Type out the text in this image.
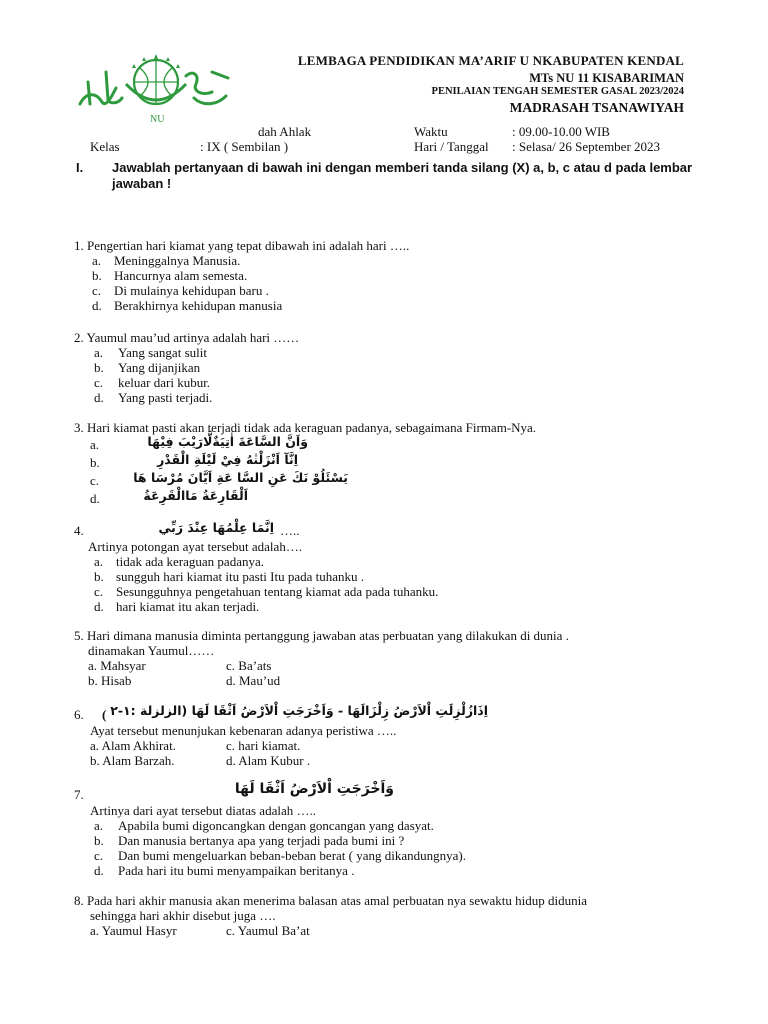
NU
LEMBAGA PENDIDIKAN MA’ARIF U NKABUPATEN KENDAL
MTs NU 11 KISABARIMAN
PENILAIAN TENGAH SEMESTER GASAL 2023/2024
MADRASAH TSANAWIYAH
dah Ahlak
Kelas	: IX ( Sembilan )
Waktu	: 09.00-10.00 WIB
Hari / Tanggal : Selasa/ 26 September 2023
I. Jawablah pertanyaan di bawah ini dengan memberi tanda silang (X) a, b, c atau d pada lembar jawaban !
1. Pengertian hari kiamat yang tepat dibawah ini adalah hari …..
a. Meninggalnya Manusia.
b. Hancurnya alam semesta.
c. Di mulainya kehidupan baru .
d. Berakhirnya kehidupan manusia
2. Yaumul mau’ud artinya adalah hari ……
a. Yang sangat sulit
b. Yang dijanjikan
c. keluar dari kubur.
d. Yang pasti terjadi.
3. Hari kiamat pasti akan terjadi tidak ada keraguan padanya, sebagaimana Firmam-Nya.
a.	وَاَنَّ السَّاعَةَ اٰتِيَةٌلَّارَيْبَ فِيْهَا
b.	اِنَّآ اَنْزَلْنٰهُ فِيْ لَيْلَةِ الْقَدْرِ
c.	يَسْئَلُوْ نَكَ عَنِ السَّا عَةِ اَيَّانَ مُرْسَا هَا
d.	اَلْقَارِعَةُ مَاالْقَرِعَةُ
4.	اِنَّمَا عِلْمُهَا عِنْدَ رَبِّي …..
Artinya potongan ayat tersebut adalah….
a. tidak ada keraguan padanya.
b. sungguh hari kiamat itu pasti Itu pada tuhanku .
c. Sesungguhnya pengetahuan tentang kiamat ada pada tuhanku.
d. hari kiamat itu akan terjadi.
5. Hari dimana manusia diminta pertanggung jawaban atas perbuatan yang dilakukan di dunia .
dinamakan Yaumul……
a. Mahsyar	c. Ba’ats
b. Hisab	d. Mau’ud
6. ( اِذَازُلْزِلَتِ اْلاَرْضُ زِلْزَالَهَا - وَاَخْرَجَتِ اْلاَرْضُ اَثْقَا لَهَا (الزلزلة :١-٢
Ayat tersebut menunjukan kebenaran adanya peristiwa …..
a. Alam Akhirat.	c. hari kiamat.
b. Alam Barzah.	d. Alam Kubur .
7.	وَاَخْرَجَتِ اْلاَرْضُ اَثْقَا لَهَا
Artinya dari ayat tersebut diatas adalah …..
a. Apabila bumi digoncangkan dengan goncangan yang dasyat.
b. Dan manusia bertanya apa yang terjadi pada bumi ini ?
c. Dan bumi mengeluarkan beban-beban berat ( yang dikandungnya).
d. Pada hari itu bumi menyampaikan beritanya .
8. Pada hari akhir manusia akan menerima balasan atas amal perbuatan nya sewaktu hidup didunia
sehingga hari akhir disebut juga ….
a. Yaumul Hasyr	c. Yaumul Ba’at
